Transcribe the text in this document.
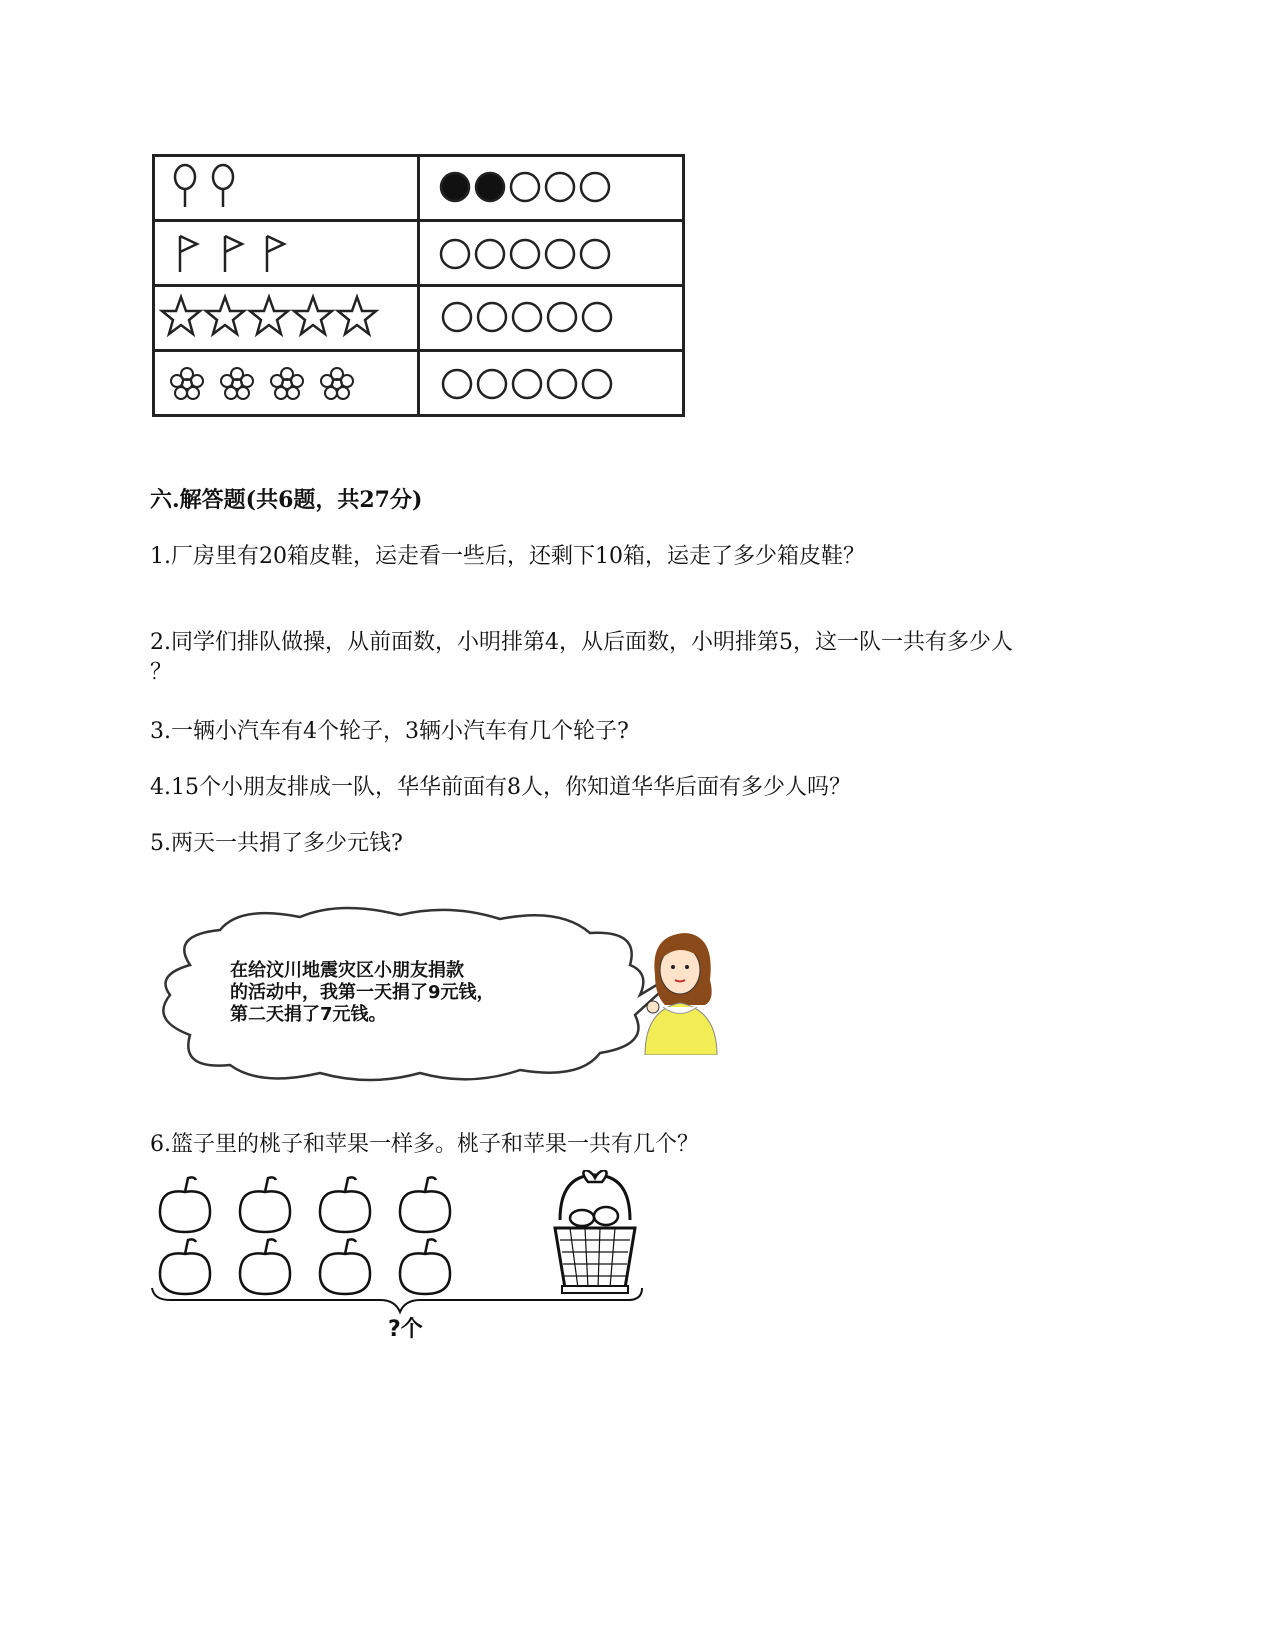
六.解答题(共6题，共27分)
1.厂房里有20箱皮鞋，运走看一些后，还剩下10箱，运走了多少箱皮鞋？
2.同学们排队做操，从前面数，小明排第4，从后面数，小明排第5，这一队一共有多少人
？
3.一辆小汽车有4个轮子，3辆小汽车有几个轮子?
4.15个小朋友排成一队，华华前面有8人，你知道华华后面有多少人吗？
5.两天一共捐了多少元钱?
在给汶川地震灾区小朋友捐款
的活动中，我第一天捐了9元钱，
第二天捐了7元钱。
6.篮子里的桃子和苹果一样多。桃子和苹果一共有几个？
?个
